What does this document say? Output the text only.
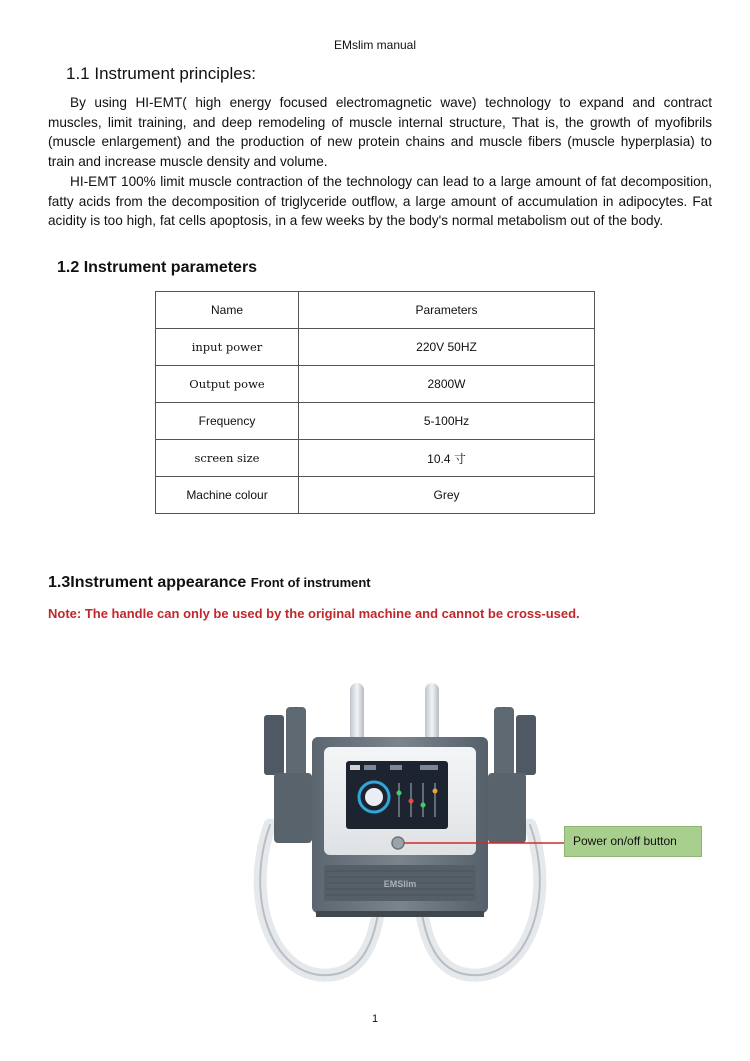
EMslim manual
1.1 Instrument principles:

By using HI-EMT( high energy focused electromagnetic wave) technology to expand and contract muscles, limit training, and deep remodeling of muscle internal structure, That is, the growth of myofibrils (muscle enlargement) and the production of new protein chains and muscle fibers (muscle hyperplasia) to train and increase muscle density and volume.

HI-EMT 100% limit muscle contraction of the technology can lead to a large amount of fat decomposition, fatty acids from the decomposition of triglyceride outflow, a large amount of accumulation in adipocytes. Fat acidity is too high, fat cells apoptosis, in a few weeks by the body's normal metabolism out of the body.

1.2 Instrument parameters
Name	Parameters
input power	220V 50HZ
Output powe	2800W
Frequency	5-100Hz
screen size	10.4 寸
Machine colour	Grey
1.3Instrument appearance Front of instrument

Note: The handle can only be used by the original machine and cannot be cross-used.

EMSlim
Power on/off button
1
